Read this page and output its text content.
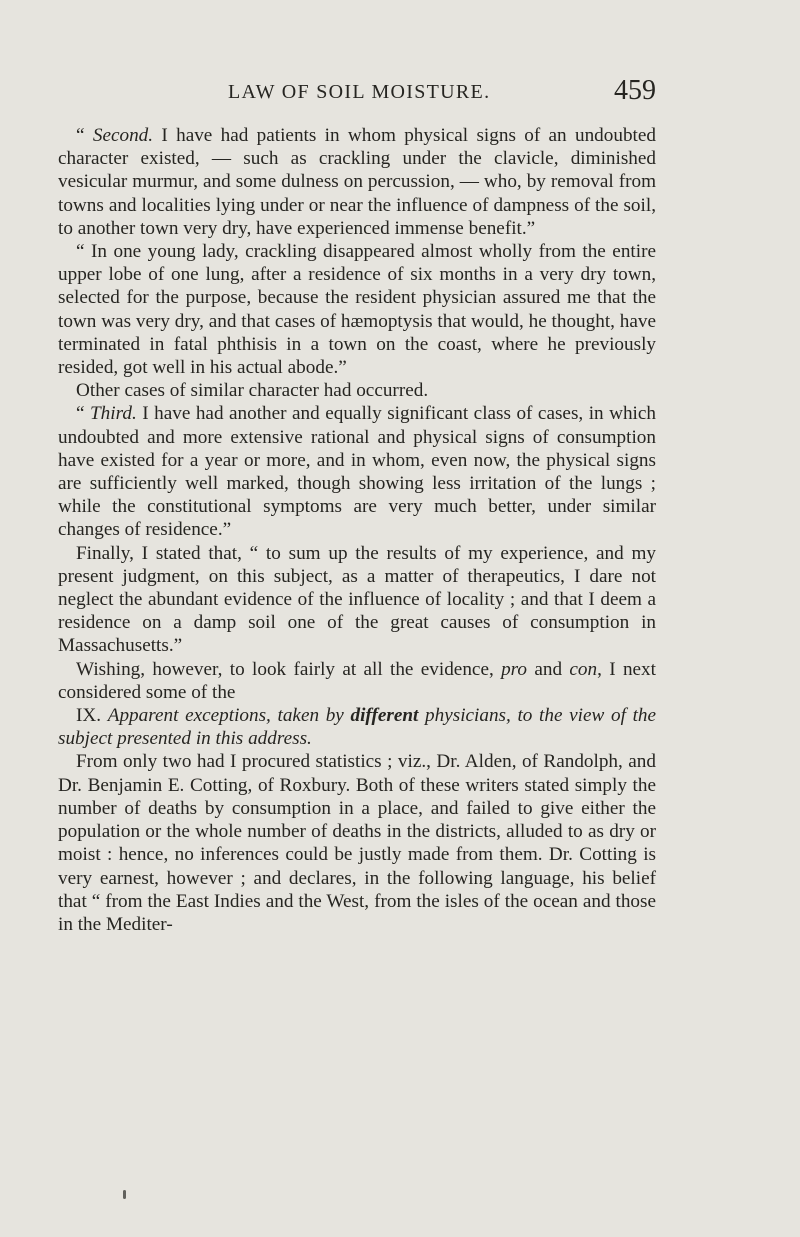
LAW OF SOIL MOISTURE.	459

“ Second. I have had patients in whom physical signs of an undoubted character existed, — such as crackling under the clavicle, diminished vesicular murmur, and some dulness on percussion, — who, by removal from towns and localities lying under or near the influence of dampness of the soil, to another town very dry, have experienced immense benefit.”

“ In one young lady, crackling disappeared almost wholly from the entire upper lobe of one lung, after a residence of six months in a very dry town, selected for the purpose, because the resident physician assured me that the town was very dry, and that cases of hæmoptysis that would, he thought, have terminated in fatal phthisis in a town on the coast, where he previously resided, got well in his actual abode.”

Other cases of similar character had occurred.

“ Third. I have had another and equally significant class of cases, in which undoubted and more extensive rational and physical signs of consumption have existed for a year or more, and in whom, even now, the physical signs are sufficiently well marked, though showing less irritation of the lungs ; while the constitutional symptoms are very much better, under similar changes of residence.”

Finally, I stated that, “ to sum up the results of my experience, and my present judgment, on this subject, as a matter of therapeutics, I dare not neglect the abundant evidence of the influence of locality ; and that I deem a residence on a damp soil one of the great causes of consumption in Massachusetts.”

Wishing, however, to look fairly at all the evidence, pro and con, I next considered some of the

IX. Apparent exceptions, taken by different physicians, to the view of the subject presented in this address.

From only two had I procured statistics ; viz., Dr. Alden, of Randolph, and Dr. Benjamin E. Cotting, of Roxbury. Both of these writers stated simply the number of deaths by consumption in a place, and failed to give either the population or the whole number of deaths in the districts, alluded to as dry or moist : hence, no inferences could be justly made from them. Dr. Cotting is very earnest, however ; and declares, in the following language, his belief that “ from the East Indies and the West, from the isles of the ocean and those in the Mediter-
